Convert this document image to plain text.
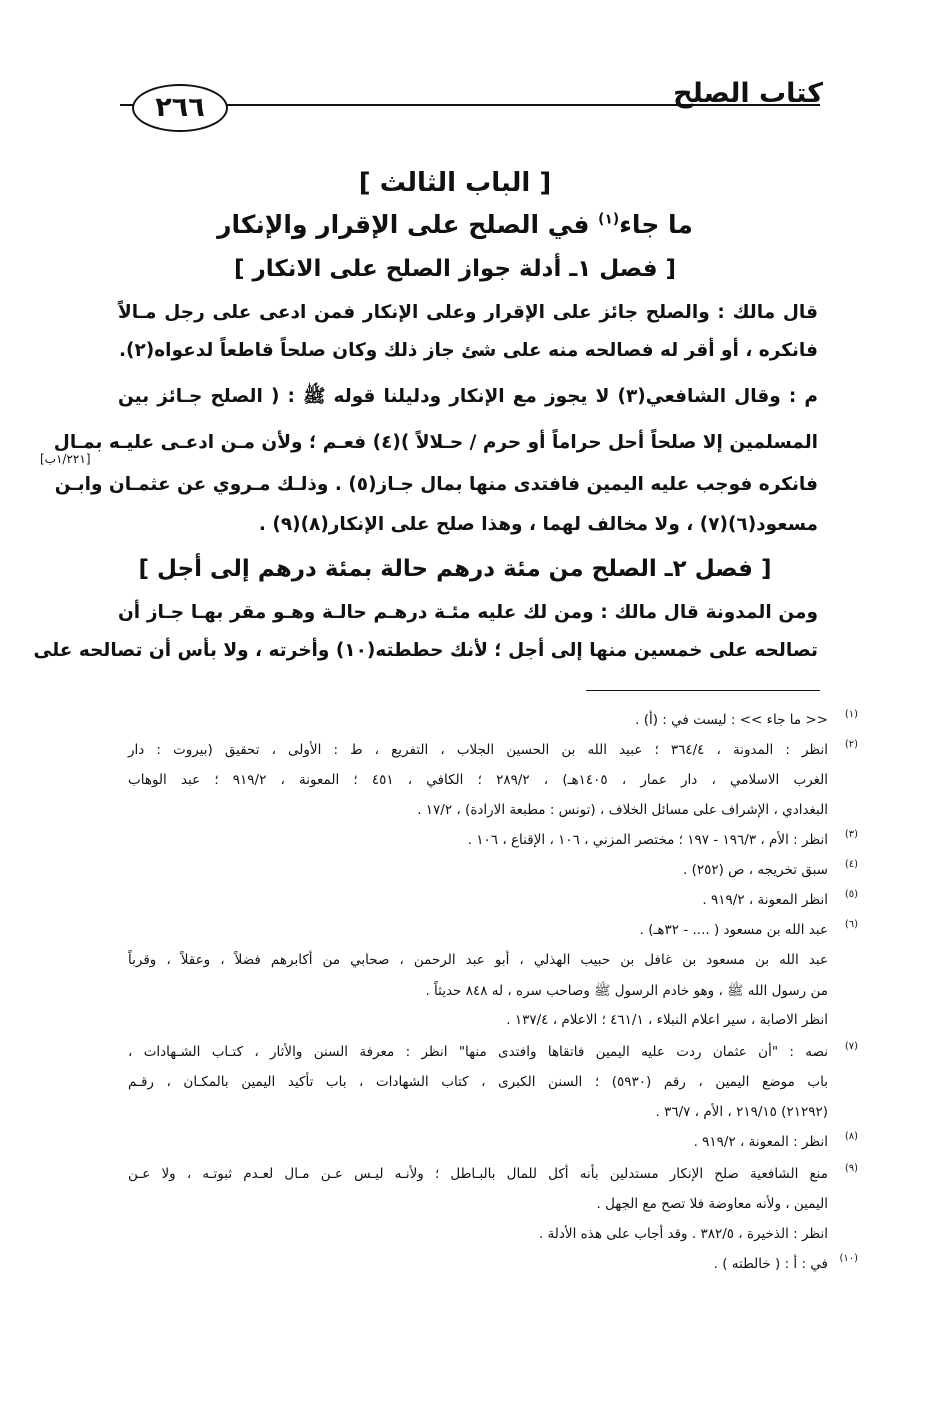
كتاب الصلح
٢٦٦
[ الباب الثالث ]
ما جاء$^{(١)}$ في الصلح على الإقرار والإنكار
[ فصل ١ـ أدلة جواز الصلح على الانكار ]
قال مالك : والصلح جائز على الإقرار وعلى الإنكار فمن ادعى على رجل مـالاً
فانكره ، أو أقر له فصالحه منه على شئ جاز ذلك وكان صلحاً قاطعاً لدعواه(٢).
م : وقال الشافعي(٣) لا يجوز مع الإنكار ودليلنا قوله ﷺ : ( الصلح جـائز بين
المسلمين إلا صلحاً أحل حراماً أو حرم / حـلالاً )(٤) فعـم ؛ ولأن مـن ادعـى عليـه بمـال
[١/٢٢١ب]
فانكره فوجب عليه اليمين فافتدى منها بمال جـاز(٥) . وذلـك مـروي عن عثمـان وابـن
مسعود(٦)(٧) ، ولا مخالف لهما ، وهذا صلح على الإنكار(٨)(٩) .
[ فصل ٢ـ الصلح من مئة درهم حالة بمئة درهم إلى أجل ]
ومن المدونة قال مالك : ومن لك عليه مئـة درهـم حالـة وهـو مقر بهـا جـاز أن
تصالحه على خمسين منها إلى أجل ؛ لأنك حططته(١٠) وأخرته ، ولا بأس أن تصالحه على
(١)
<< ما جاء >> : ليست في : (أ) .
(٢)
انظر : المدونة ، ٣٦٤/٤ ؛ عبيد الله بن الحسين الجلاب ، التفريع ، ط : الأولى ، تحقيق (بيروت : دار
الغرب الاسلامي ، دار عمار ، ١٤٠٥هـ) ، ٢٨٩/٢ ؛ الكافي ، ٤٥١ ؛ المعونة ، ٩١٩/٢ ؛ عبد الوهاب
البغدادي ، الإشراف على مسائل الخلاف ، (تونس : مطبعة الارادة) ، ١٧/٢ .
(٣)
انظر : الأم ، ١٩٦/٣ - ١٩٧ ؛ مختصر المزني ، ١٠٦ ، الإقناع ، ١٠٦ .
(٤)
سبق تخريجه ، ص (٢٥٢) .
(٥)
انظر المعونة ، ٩١٩/٢ .
(٦)
عبد الله بن مسعود ( .... - ٣٢هـ) .
عبد الله بن مسعود بن غافل بن حبيب الهذلي ، أبو عبد الرحمن ، صحابي من أكابرهم فضلاً ، وعقلاً ، وقرباً
من رسول الله ﷺ ، وهو خادم الرسول ﷺ وصاحب سره ، له ٨٤٨ حديثاً .
انظر الاصابة ، سير اعلام النبلاء ، ٤٦١/١ ؛ الاعلام ، ١٣٧/٤ .
(٧)
نصه : "أن عثمان ردت عليه اليمين فاتقاها وافتدى منها" انظر : معرفة السنن والأثار ، كتـاب الشـهادات ،
باب موضع اليمين ، رقم (٥٩٣٠) ؛ السنن الكبرى ، كتاب الشهادات ، باب تأكيد اليمين بالمكـان ، رقـم
(٢١٢٩٢) ٢١٩/١٥ ، الأم ، ٣٦/٧ .
(٨)
انظر : المعونة ، ٩١٩/٢ .
(٩)
منع الشافعية صلح الإنكار مستدلين بأنه أكل للمال بالبـاطل ؛ ولأنـه ليـس عـن مـال لعـدم ثبوتـه ، ولا عـن
اليمين ، ولأنه معاوضة فلا تصح مع الجهل .
انظر : الذخيرة ، ٣٨٢/٥ . وقد أجاب على هذه الأدلة .
(١٠)
في : أ : ( خالطته ) .
